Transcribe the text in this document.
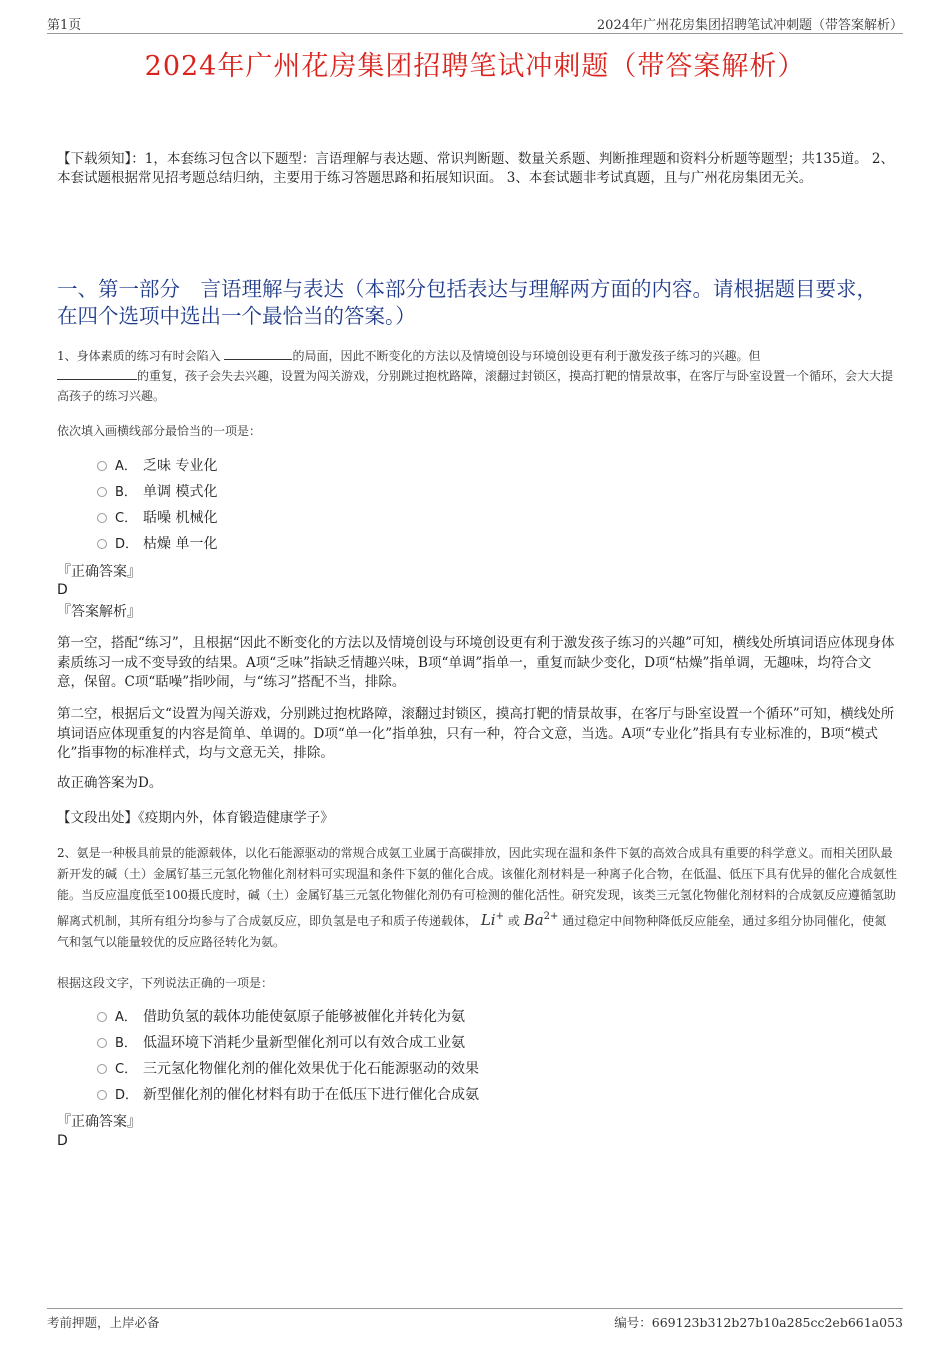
第1页	2024年广州花房集团招聘笔试冲刺题（带答案解析）
2024年广州花房集团招聘笔试冲刺题（带答案解析）
【下载须知】：1，本套练习包含以下题型：言语理解与表达题、常识判断题、数量关系题、判断推理题和资料分析题等题型；共135道。 2、本套试题根据常见招考题总结归纳，主要用于练习答题思路和拓展知识面。 3、本套试题非考试真题，且与广州花房集团无关。
一、第一部分　言语理解与表达（本部分包括表达与理解两方面的内容。请根据题目要求，在四个选项中选出一个最恰当的答案。）
1、身体素质的练习有时会陷入	的局面，因此不断变化的方法以及情境创设与环境创设更有利于激发孩子练习的兴趣。但
的重复，孩子会失去兴趣，设置为闯关游戏，分别跳过抱枕路障，滚翻过封锁区，摸高打靶的情景故事，在客厅与卧室设置一个循环，会大大提高孩子的练习兴趣。
依次填入画横线部分最恰当的一项是：
A． 乏味 专业化
B． 单调 模式化
C． 聒噪 机械化
D． 枯燥 单一化
『正确答案』
D
『答案解析』
第一空，搭配“练习”，且根据“因此不断变化的方法以及情境创设与环境创设更有利于激发孩子练习的兴趣”可知，横线处所填词语应体现身体素质练习一成不变导致的结果。A项“乏味”指缺乏情趣兴味，B项“单调”指单一，重复而缺少变化，D项“枯燥”指单调，无趣味，均符合文意，保留。C项“聒噪”指吵闹，与“练习”搭配不当，排除。
第二空，根据后文“设置为闯关游戏，分别跳过抱枕路障，滚翻过封锁区，摸高打靶的情景故事，在客厅与卧室设置一个循环”可知，横线处所填词语应体现重复的内容是简单、单调的。D项“单一化”指单独，只有一种，符合文意，当选。A项“专业化”指具有专业标准的，B项“模式化”指事物的标准样式，均与文意无关，排除。
故正确答案为D。
【文段出处】《疫期内外，体育锻造健康学子》
2、氨是一种极具前景的能源载体，以化石能源驱动的常规合成氨工业属于高碳排放，因此实现在温和条件下氨的高效合成具有重要的科学意义。而相关团队最新开发的碱（土）金属钌基三元氢化物催化剂材料可实现温和条件下氨的催化合成。该催化剂材料是一种离子化合物，在低温、低压下具有优异的催化合成氨性能。当反应温度低至100摄氏度时，碱（土）金属钌基三元氢化物催化剂仍有可检测的催化活性。研究发现，该类三元氢化物催化剂材料的合成氨反应遵循氢助解离式机制，其所有组分均参与了合成氨反应，即负氢是电子和质子传递载体， Li+ 或 $Ba^{2+}$ 通过稳定中间物种降低反应能垒，通过多组分协同催化，使氮气和氢气以能量较优的反应路径转化为氨。
根据这段文字，下列说法正确的一项是：
A． 借助负氢的载体功能使氨原子能够被催化并转化为氨
B． 低温环境下消耗少量新型催化剂可以有效合成工业氨
C． 三元氢化物催化剂的催化效果优于化石能源驱动的效果
D． 新型催化剂的催化材料有助于在低压下进行催化合成氨
『正确答案』
D
考前押题，上岸必备	编号：669123b312b27b10a285cc2eb661a053
